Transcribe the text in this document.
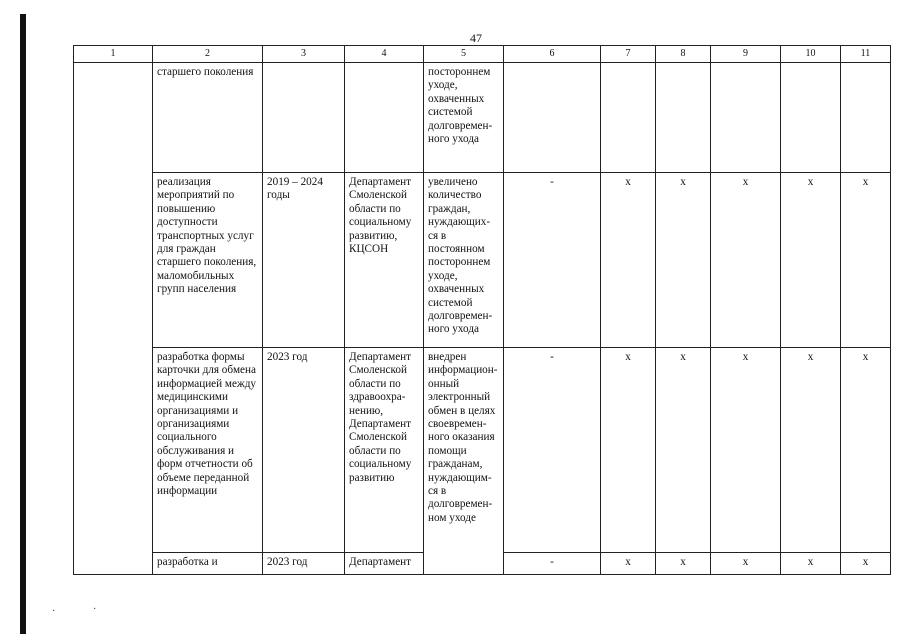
47
1	2	3	4	5	6	7	8	9	10	11
	старшего поколения			постороннем уходе, охваченных системой долговремен-ного ухода						
	реализация мероприятий по повышению доступности транспортных услуг для граждан старшего поколения, маломобильных групп населения	2019 – 2024 годы	Департамент Смоленской области по социальному развитию, КЦСОН	увеличено количество граждан, нуждающих-ся в постоянном постороннем уходе, охваченных системой долговремен-ного ухода	-	х	х	х	х	х
	разработка формы карточки для обмена информацией между медицинскими организациями и организациями социального обслуживания и форм отчетности об объеме переданной информации	2023 год	Департамент Смоленской области по здравоохра-нению, Департамент Смоленской области по социальному развитию	внедрен информацион-онный электронный обмен в целях своевремен-ного оказания помощи гражданам, нуждающим-ся в долговремен-ном уходе	-	х	х	х	х	х
	разработка и	2023 год	Департамент		-	х	х	х	х	х
·	·
